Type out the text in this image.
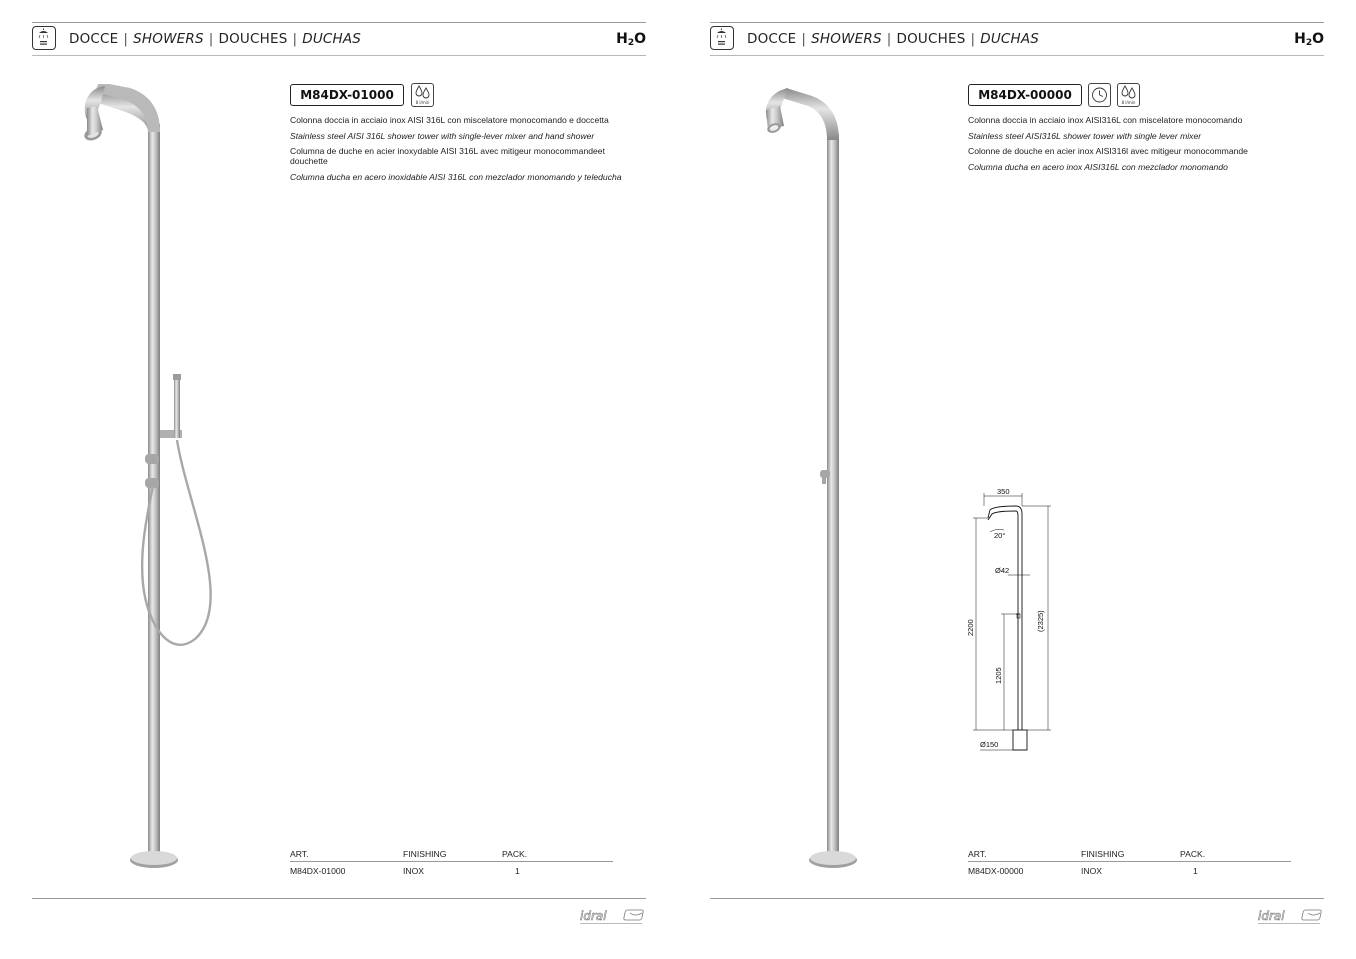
DOCCE | SHOWERS | DOUCHES | DUCHAS	$H_2O$
M84DX-01000
8 l/min

Colonna doccia in acciaio inox AISI 316L con miscelatore monocomando e doccetta

Stainless steel AISI 316L shower tower with single-lever mixer and hand shower

Columna de duche en acier inoxydable AISI 316L avec mitigeur monocommandeet douchette

Columna ducha en acero inoxidable AISI 316L con mezclador monomando y teleducha

ART.	FINISHING	PACK.
M84DX-01000	INOX	1
idral
DOCCE | SHOWERS | DOUCHES | DUCHAS	$H_2O$
M84DX-00000
8 l/min

Colonna doccia in acciaio inox AISI316L con miscelatore monocomando

Stainless steel AISI316L shower tower with single lever mixer

Colonne de douche en acier inox AISI316l avec mitigeur monocommande

Columna ducha en acero inox AISI316L con mezclador monomando

ART.	FINISHING	PACK.
M84DX-00000	INOX	1
idral
350
20°
Ø42
Ø150
2200
1205
(2325)
